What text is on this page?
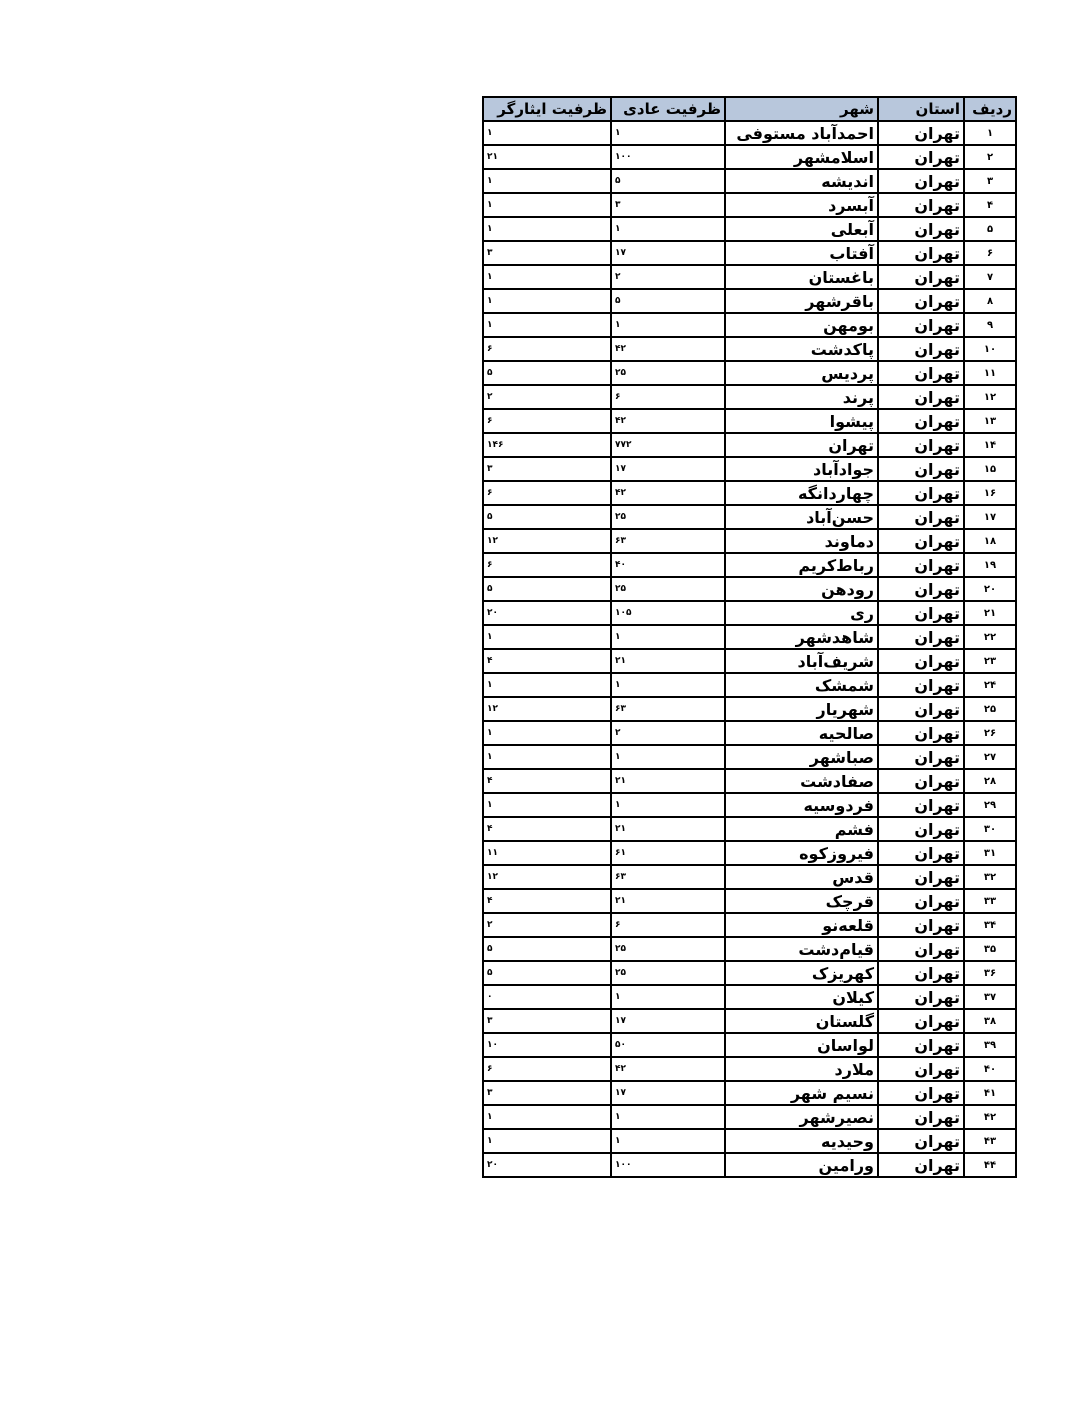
ردیف	استان	شهر	ظرفیت عادی	ظرفیت ایثارگر
۱	تهران	احمدآباد مستوفی	۱	۱
۲	تهران	اسلامشهر	۱۰۰	۲۱
۳	تهران	اندیشه	۵	۱
۴	تهران	آبسرد	۳	۱
۵	تهران	آبعلی	۱	۱
۶	تهران	آفتاب	۱۷	۳
۷	تهران	باغستان	۲	۱
۸	تهران	باقرشهر	۵	۱
۹	تهران	بومهن	۱	۱
۱۰	تهران	پاکدشت	۴۲	۶
۱۱	تهران	پردیس	۲۵	۵
۱۲	تهران	پرند	۶	۲
۱۳	تهران	پیشوا	۴۲	۶
۱۴	تهران	تهران	۷۷۲	۱۴۶
۱۵	تهران	جوادآباد	۱۷	۳
۱۶	تهران	چهاردانگه	۴۲	۶
۱۷	تهران	حسن‌آباد	۲۵	۵
۱۸	تهران	دماوند	۶۳	۱۲
۱۹	تهران	رباط‌کریم	۴۰	۶
۲۰	تهران	رودهن	۲۵	۵
۲۱	تهران	ری	۱۰۵	۲۰
۲۲	تهران	شاهدشهر	۱	۱
۲۳	تهران	شریف‌آباد	۲۱	۴
۲۴	تهران	شمشک	۱	۱
۲۵	تهران	شهریار	۶۳	۱۲
۲۶	تهران	صالحیه	۲	۱
۲۷	تهران	صباشهر	۱	۱
۲۸	تهران	صفادشت	۲۱	۴
۲۹	تهران	فردوسیه	۱	۱
۳۰	تهران	فشم	۲۱	۴
۳۱	تهران	فیروزکوه	۶۱	۱۱
۳۲	تهران	قدس	۶۳	۱۲
۳۳	تهران	قرچک	۲۱	۴
۳۴	تهران	قلعه‌نو	۶	۲
۳۵	تهران	قیام‌دشت	۲۵	۵
۳۶	تهران	کهریزک	۲۵	۵
۳۷	تهران	کیلان	۱	۰
۳۸	تهران	گلستان	۱۷	۳
۳۹	تهران	لواسان	۵۰	۱۰
۴۰	تهران	ملارد	۴۲	۶
۴۱	تهران	نسیم شهر	۱۷	۳
۴۲	تهران	نصیرشهر	۱	۱
۴۳	تهران	وحیدیه	۱	۱
۴۴	تهران	ورامین	۱۰۰	۲۰
